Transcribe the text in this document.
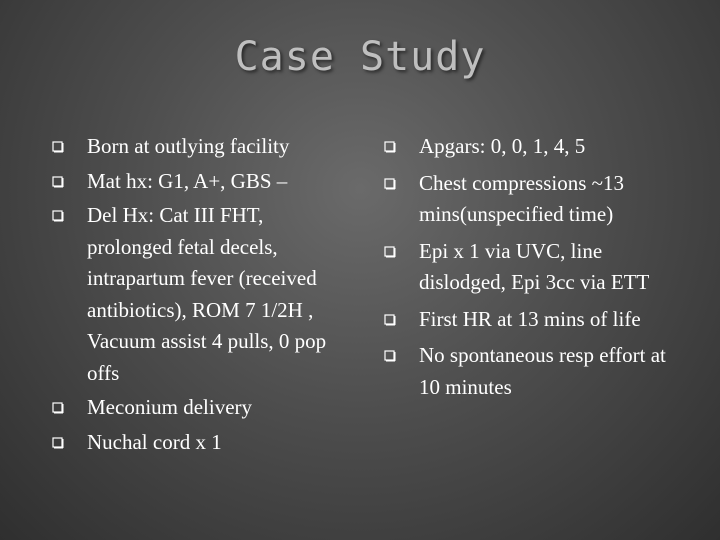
Case Study
Born at outlying facility
Mat hx: G1, A+, GBS –
Del Hx: Cat III FHT, prolonged fetal decels, intrapartum fever (received antibiotics), ROM 7 1/2H , Vacuum assist 4 pulls, 0 pop offs
Meconium delivery
Nuchal cord x 1
Apgars: 0, 0, 1, 4, 5
Chest compressions ~13 mins(unspecified time)
Epi x 1 via UVC, line dislodged, Epi 3cc via ETT
First HR at 13 mins of life
No spontaneous resp effort at 10 minutes
